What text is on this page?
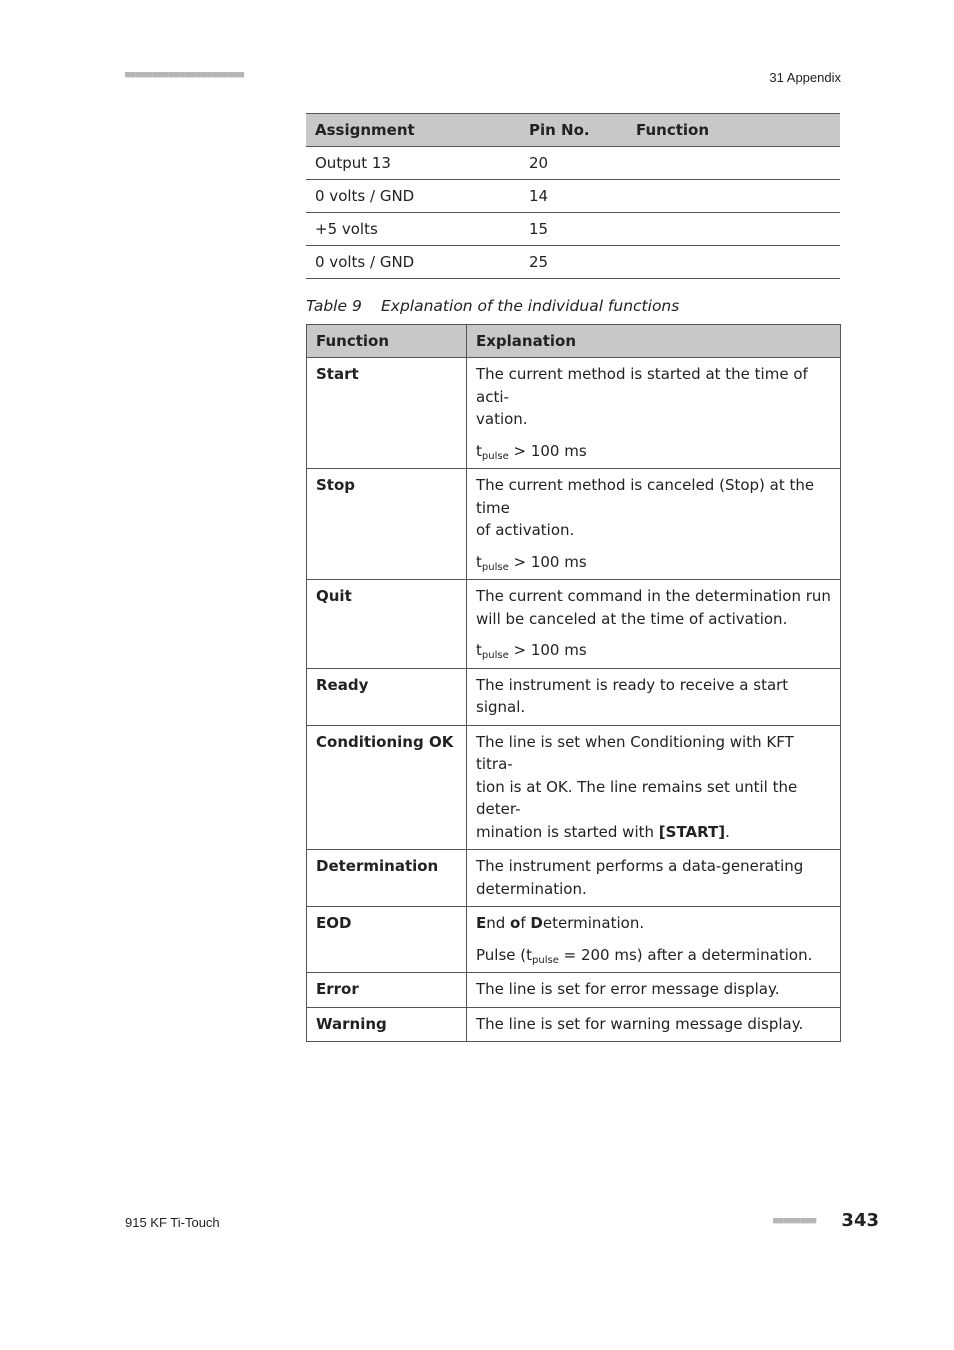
■■■■■■■■■■■■■■■■■■■■■■	31 Appendix
Assignment	Pin No.	Function
Output 13	20	
0 volts / GND	14	
+5 volts	15	
0 volts / GND	25	
Table 9 Explanation of the individual functions
Function	Explanation
Start	The current method is started at the time of acti-
vation.

$t_{pulse} > 100$ ms

Stop	The current method is canceled (Stop) at the time
of activation.

$t_{pulse} > 100$ ms

Quit	The current command in the determination run
will be canceled at the time of activation.

$t_{pulse} > 100$ ms

Ready	The instrument is ready to receive a start signal.
Conditioning OK	The line is set when Conditioning with KFT titra-
tion is at OK. The line remains set until the deter-
mination is started with [START].

Determination	The instrument performs a data-generating
determination.

EOD	End of Determination.

Pulse ($t_{pulse} = 200$ ms) after a determination.

Error	The line is set for error message display.
Warning	The line is set for warning message display.
915 KF Ti-Touch	■■■■■■■■ 343
